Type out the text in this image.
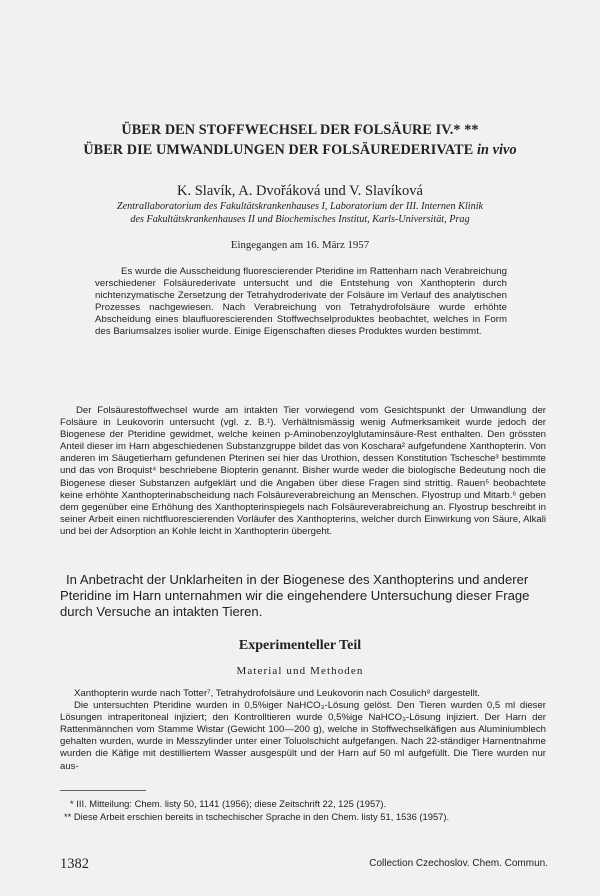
ÜBER DEN STOFFWECHSEL DER FOLSÄURE IV.* **
ÜBER DIE UMWANDLUNGEN DER FOLSÄUREDERIVATE in vivo
K. Slavík, A. Dvořáková und V. Slavíková
Zentrallaboratorium des Fakultätskrankenhauses I, Laboratorium der III. Internen Klinik
des Fakultätskrankenhauses II und Biochemisches Institut, Karls-Universität, Prag
Eingegangen am 16. März 1957

Es wurde die Ausscheidung fluorescierender Pteridine im Rattenharn nach Verabreichung verschiedener Folsäurederivate untersucht und die Entstehung von Xanthopterin durch nichtenzymatische Zersetzung der Tetrahydroderivate der Folsäure im Verlauf des analytischen Prozesses nachgewiesen. Nach Verabreichung von Tetrahydrofolsäure wurde erhöhte Abscheidung eines blaufluorescierenden Stoffwechselproduktes beobachtet, welches in Form des Bariumsalzes isolier wurde. Einige Eigenschaften dieses Produktes wurden bestimmt.

Der Folsäurestoffwechsel wurde am intakten Tier vorwiegend vom Gesichtspunkt der Umwandlung der Folsäure in Leukovorin untersucht (vgl. z. B.¹). Verhältnismässig wenig Aufmerksamkeit wurde jedoch der Biogenese der Pteridine gewidmet, welche keinen p-Aminobenzoylglutaminsäure-Rest enthalten. Den grössten Anteil dieser im Harn abgeschiedenen Substanzgruppe bildet das von Koschara² aufgefundene Xanthopterin. Von anderen im Säugetierharn gefundenen Pterinen sei hier das Urothion, dessen Konstitution Tschesche³ bestimmte und das von Broquist⁴ beschriebene Biopterin genannt. Bisher wurde weder die biologische Bedeutung noch die Biogenese dieser Substanzen aufgeklärt und die Angaben über diese Fragen sind strittig. Rauen⁵ beobachtete keine erhöhte Xanthopterinabscheidung nach Folsäureverabreichung an Menschen. Flyostrup und Mitarb.⁶ geben dem gegenüber eine Erhöhung des Xanthopterinspiegels nach Folsäureverabreichung an. Flyostrup beschreibt in seiner Arbeit einen nichtfluorescierenden Vorläufer des Xanthopterins, welcher durch Einwirkung von Säure, Alkali und bei der Adsorption an Kohle leicht in Xanthopterin übergeht.

In Anbetracht der Unklarheiten in der Biogenese des Xanthopterins und anderer Pteridine im Harn unternahmen wir die eingehendere Untersuchung dieser Frage durch Versuche an intakten Tieren.

Experimenteller Teil
Material und Methoden

Xanthopterin wurde nach Totter⁷, Tetrahydrofolsäure und Leukovorin nach Cosulich⁸ dargestellt.

Die untersuchten Pteridine wurden in 0,5%iger NaHCO₃-Lösung gelöst. Den Tieren wurden 0,5 ml dieser Lösungen intraperitoneal injiziert; den Kontrolltieren wurde 0,5%ige NaHCO₃-Lösung injiziert. Der Harn der Rattenmännchen vom Stamme Wistar (Gewicht 100—200 g), welche in Stoffwechselkäfigen aus Aluminiumblech gehalten wurden, wurde in Messzylinder unter einer Toluolschicht aufgefangen. Nach 22-ständiger Harnentnahme wurden die Käfige mit destilliertem Wasser ausgespült und der Harn auf 50 ml aufgefüllt. Die Tiere wurden nur aus-

* III. Mitteilung: Chem. listy 50, 1141 (1956); diese Zeitschrift 22, 125 (1957).
** Diese Arbeit erschien bereits in tschechischer Sprache in den Chem. listy 51, 1536 (1957).
1382	Collection Czechoslov. Chem. Commun.
